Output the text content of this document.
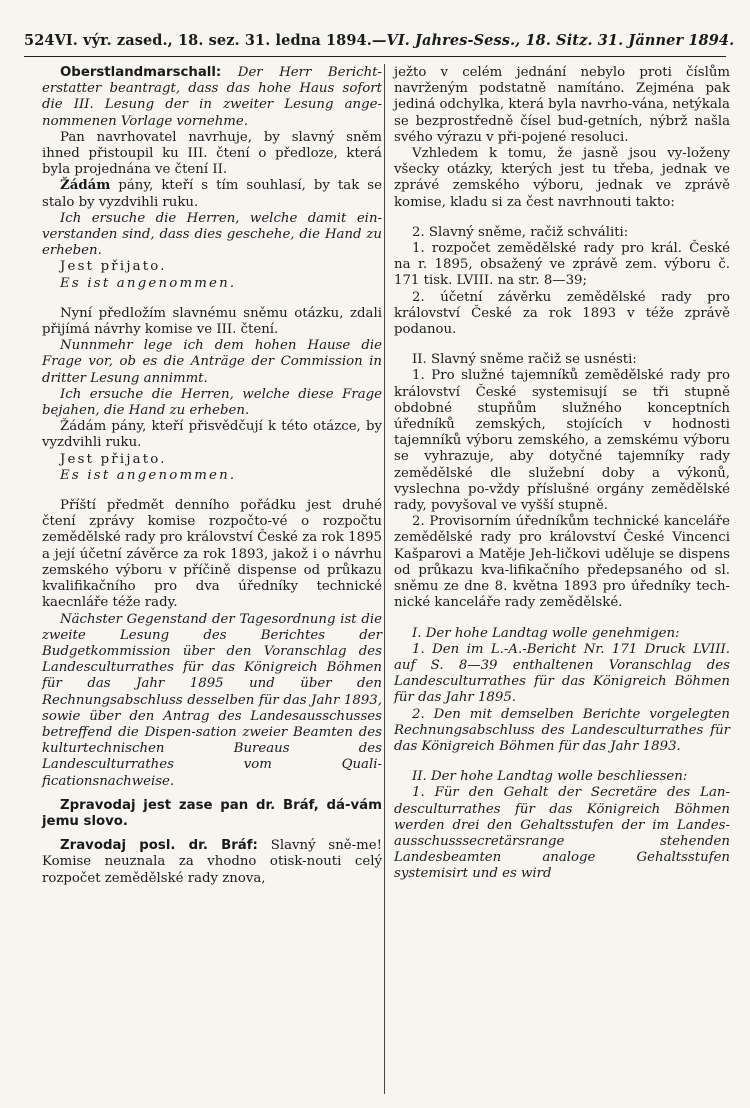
524 VI. výr. zased., 18. sez. 31. ledna 1894. — VI. Jahres-Sess., 18. Sitz. 31. Jänner 1894.

Oberstlandmarschall: Der Herr Bericht-erstatter beantragt, dass das hohe Haus sofort die III. Lesung der in zweiter Lesung ange-nommenen Vorlage vornehme.

Pan navrhovatel navrhuje, by slavný sněm ihned přistoupil ku III. čtení o předloze, která byla projednána ve čtení II.

Žádám pány, kteří s tím souhlasí, by tak se stalo by vyzdvihli ruku.

Ich ersuche die Herren, welche damit ein-verstanden sind, dass dies geschehe, die Hand zu erheben.

Jest přijato.

Es ist angenommen.

Nyní předložím slavnému sněmu otázku, zdali přijímá návrhy komise ve III. čtení.

Nunnmehr lege ich dem hohen Hause die Frage vor, ob es die Anträge der Commission in dritter Lesung annimmt.

Ich ersuche die Herren, welche diese Frage bejahen, die Hand zu erheben.

Žádám pány, kteří přisvědčují k této otázce, by vyzdvihli ruku.

Jest přijato.

Es ist angenommen.

Příští předmět denního pořádku jest druhé čtení zprávy komise rozpočto-vé o rozpočtu zemědělské rady pro království České za rok 1895 a její účetní závěrce za rok 1893, jakož i o návrhu zemského výboru v příčině dispense od průkazu kvalifikačního pro dva úředníky technické kaecnláře téže rady.

Nächster Gegenstand der Tagesordnung ist die zweite Lesung des Berichtes der Budgetkommission über den Voranschlag des Landesculturrathes für das Königreich Böhmen für das Jahr 1895 und über den Rechnungsabschluss desselben für das Jahr 1893, sowie über den Antrag des Landesausschusses betreffend die Dispen-sation zweier Beamten des kulturtechnischen Bureaus des Landesculturrathes vom Quali-ficationsnachweise.

Zpravodaj jest zase pan dr. Bráf, dá-vám jemu slovo.

Zravodaj posl. dr. Bráf: Slavný sně-me! Komise neuznala za vhodno otisk-nouti celý rozpočet zemědělské rady znova,

ježto v celém jednání nebylo proti číslům navrženým podstatně namítáno. Zejména pak jediná odchylka, která byla navrho-vána, netýkala se bezprostředně čísel bud-getních, nýbrž našla svého výrazu v při-pojené resoluci.

Vzhledem k tomu, že jasně jsou vy-loženy všecky otázky, kterých jest tu třeba, jednak ve zprávé zemského výboru, jednak ve zprávě komise, kladu si za čest navrhnouti takto:

2. Slavný sněme, račiž schváliti:

1. rozpočet zemědělské rady pro král. České na r. 1895, obsažený ve zprávě zem. výboru č. 171 tisk. LVIII. na str. 8—39;

2. účetní závěrku zemědělské rady pro království České za rok 1893 v téže zprávě podanou.

II. Slavný sněme račiž se usnésti:

1. Pro služné tajemníků zemědělské rady pro království České systemisují se tři stupně obdobné stupňům služného konceptních úředníků zemských, stojících v hodnosti tajemníků výboru zemského, a zemskému výboru se vyhrazuje, aby dotyčné tajemníky rady zemědělské dle služební doby a výkonů, vyslechna po-vždy příslušné orgány zemědělské rady, povyšoval ve vyšší stupně.

2. Provisorním úředníkům technické kanceláře zemědělské rady pro království České Vincenci Kašparovi a Matěje Jeh-ličkovi uděluje se dispens od průkazu kva-lifikačního předepsaného od sl. sněmu ze dne 8. května 1893 pro úředníky tech-nické kanceláře rady zemědělské.

I. Der hohe Landtag wolle genehmigen:

1. Den im L.-A.-Bericht Nr. 171 Druck LVIII. auf S. 8—39 enthaltenen Voranschlag des Landesculturrathes für das Königreich Böhmen für das Jahr 1895.

2. Den mit demselben Berichte vorgelegten Rechnungsabschluss des Landesculturrathes für das Königreich Böhmen für das Jahr 1893.

II. Der hohe Landtag wolle beschliessen:

1. Für den Gehalt der Secretäre des Lan-desculturrathes für das Königreich Böhmen werden drei den Gehaltsstufen der im Landes-ausschusssecretärsrange stehenden Landesbeamten analoge Gehaltsstufen systemisirt und es wird
